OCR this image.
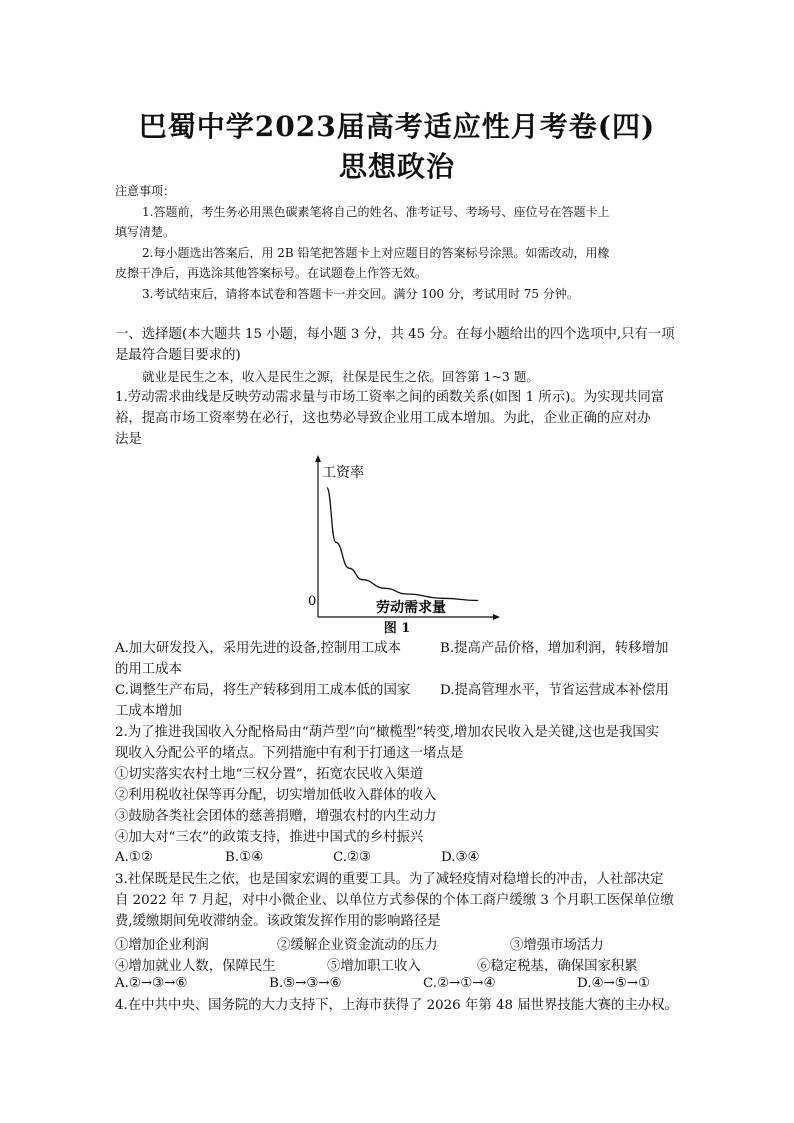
巴蜀中学2023届高考适应性月考卷(四)
思想政治
注意事项：
1.答题前，考生务必用黑色碳素笔将自己的姓名、准考证号、考场号、座位号在答题卡上
填写清楚。
2.每小题选出答案后，用 2B 铅笔把答题卡上对应题目的答案标号涂黑。如需改动，用橡
皮擦干净后，再选涂其他答案标号。在试题卷上作答无效。
3.考试结束后，请将本试卷和答题卡一并交回。满分 100 分，考试用时 75 分钟。
一、选择题(本大题共 15 小题，每小题 3 分，共 45 分。在每小题给出的四个选项中,只有一项
是最符合题目要求的)
就业是民生之本，收入是民生之源，社保是民生之依。回答第 1~3 题。
1.劳动需求曲线是反映劳动需求量与市场工资率之间的函数关系(如图 1 所示)。为实现共同富
裕，提高市场工资率势在必行，这也势必导致企业用工成本增加。为此，企业正确的应对办
法是
工资率
劳动需求量
0
图 1
A.加大研发投入，采用先进的设备,控制用工成本	B.提高产品价格，增加利润，转移增加
的用工成本
C.调整生产布局，将生产转移到用工成本低的国家 D.提高管理水平，节省运营成本补偿用
工成本增加
2.为了推进我国收入分配格局由“葫芦型”向“橄榄型”转变,增加农民收入是关键,这也是我国实
现收入分配公平的堵点。下列措施中有利于打通这一堵点是
①切实落实农村土地“三权分置”，拓宽农民收入渠道
②利用税收社保等再分配，切实增加低收入群体的收入
③鼓励各类社会团体的慈善捐赠，增强农村的内生动力
④加大对“三农”的政策支持，推进中国式的乡村振兴
A.①②	B.①④	C.②③	D.③④
3.社保既是民生之依，也是国家宏调的重要工具。为了减轻疫情对稳增长的冲击，人社部决定
自 2022 年 7 月起，对中小微企业、以单位方式参保的个体工商户缓缴 3 个月职工医保单位缴
费,缓缴期间免收滞纳金。该政策发挥作用的影响路径是
①增加企业利润	②缓解企业资金流动的压力	③增强市场活力
④增加就业人数，保障民生	⑤增加职工收入	⑥稳定税基，确保国家积累
A.②→③→⑥	B.⑤→③→⑥	C.②→①→④	D.④→⑤→①
4.在中共中央、国务院的大力支持下，上海市获得了 2026 年第 48 届世界技能大赛的主办权。
